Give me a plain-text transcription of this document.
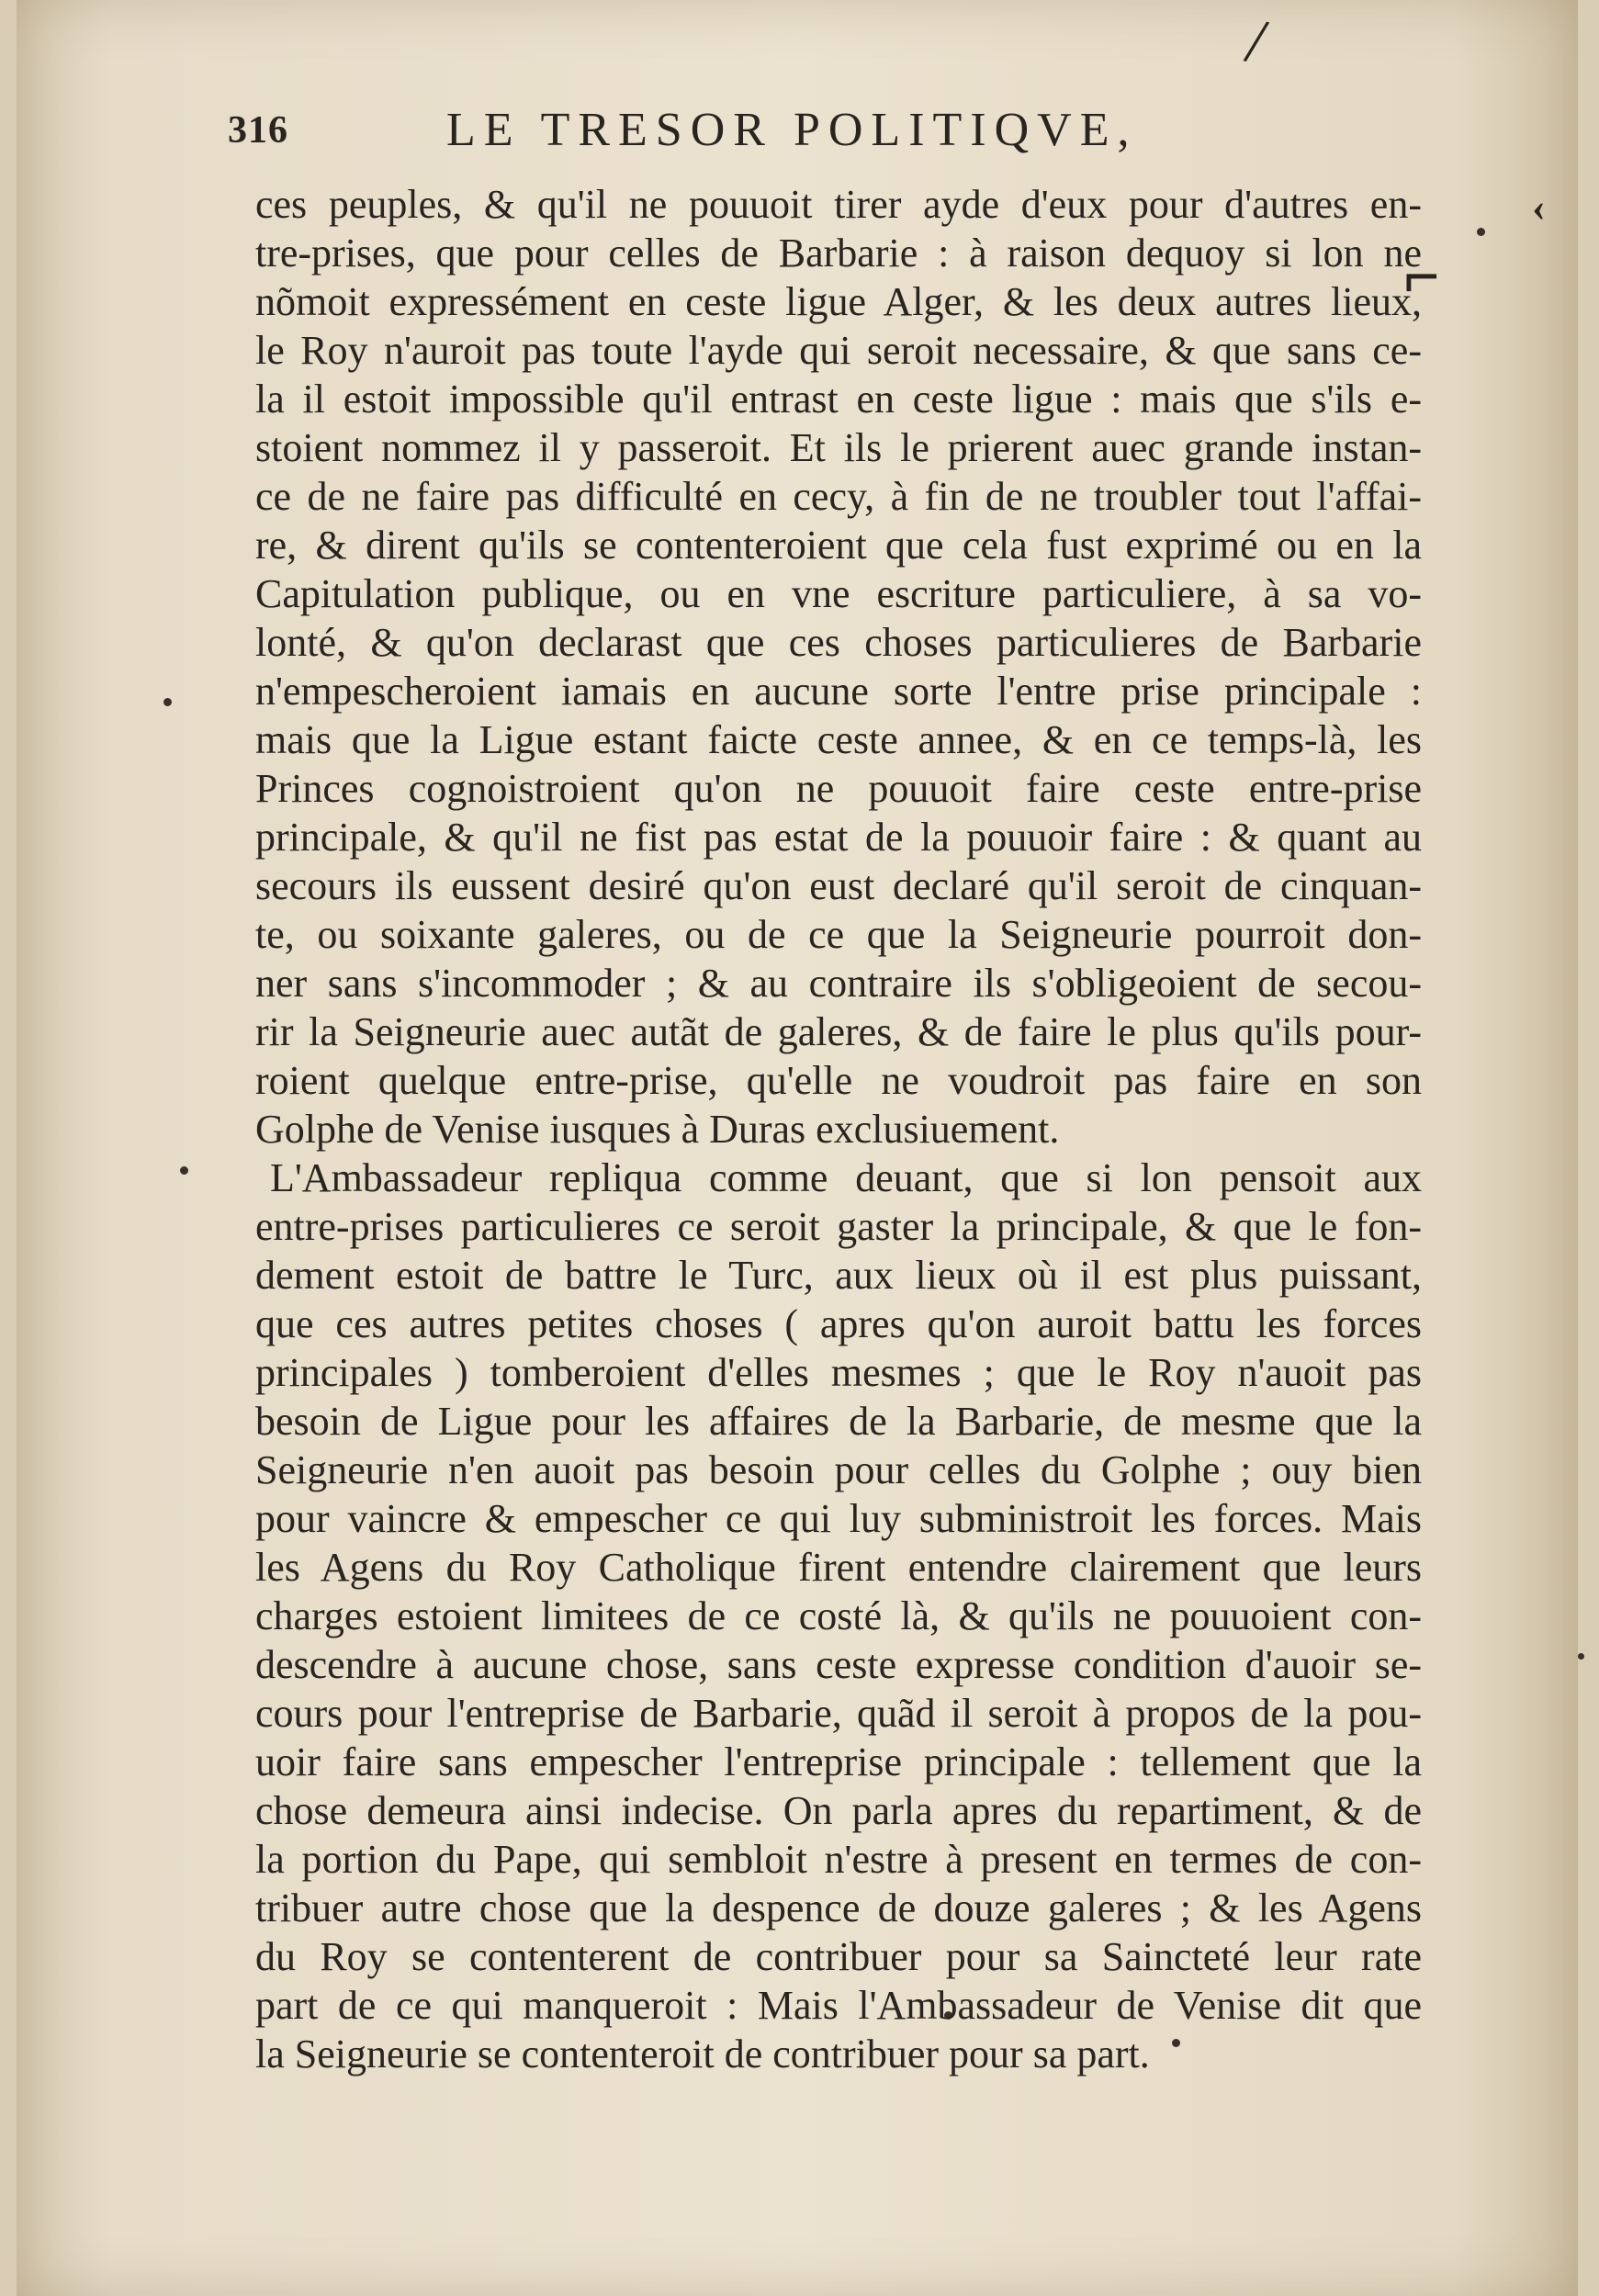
/
⌐
‹
316	LE TRESOR POLITIQVE,
ces peuples, & qu'il ne pouuoit tirer ayde d'eux pour d'autres en-
tre-prises, que pour celles de Barbarie : à raison dequoy si lon ne
nõmoit expressément en ceste ligue Alger, & les deux autres lieux,
le Roy n'auroit pas toute l'ayde qui seroit necessaire, & que sans ce-
la il estoit impossible qu'il entrast en ceste ligue : mais que s'ils e-
stoient nommez il y passeroit. Et ils le prierent auec grande instan-
ce de ne faire pas difficulté en cecy, à fin de ne troubler tout l'affai-
re, & dirent qu'ils se contenteroient que cela fust exprimé ou en la
Capitulation publique, ou en vne escriture particuliere, à sa vo-
lonté, & qu'on declarast que ces choses particulieres de Barbarie
n'empescheroient iamais en aucune sorte l'entre prise principale :
mais que la Ligue estant faicte ceste annee, & en ce temps-là, les
Princes cognoistroient qu'on ne pouuoit faire ceste entre-prise
principale, & qu'il ne fist pas estat de la pouuoir faire : & quant au
secours ils eussent desiré qu'on eust declaré qu'il seroit de cinquan-
te, ou soixante galeres, ou de ce que la Seigneurie pourroit don-
ner sans s'incommoder ; & au contraire ils s'obligeoient de secou-
rir la Seigneurie auec autãt de galeres, & de faire le plus qu'ils pour-
roient quelque entre-prise, qu'elle ne voudroit pas faire en son
Golphe de Venise iusques à Duras exclusiuement.
L'Ambassadeur repliqua comme deuant, que si lon pensoit aux
entre-prises particulieres ce seroit gaster la principale, & que le fon-
dement estoit de battre le Turc, aux lieux où il est plus puissant,
que ces autres petites choses ( apres qu'on auroit battu les forces
principales ) tomberoient d'elles mesmes ; que le Roy n'auoit pas
besoin de Ligue pour les affaires de la Barbarie, de mesme que la
Seigneurie n'en auoit pas besoin pour celles du Golphe ; ouy bien
pour vaincre & empescher ce qui luy subministroit les forces. Mais
les Agens du Roy Catholique firent entendre clairement que leurs
charges estoient limitees de ce costé là, & qu'ils ne pouuoient con-
descendre à aucune chose, sans ceste expresse condition d'auoir se-
cours pour l'entreprise de Barbarie, quãd il seroit à propos de la pou-
uoir faire sans empescher l'entreprise principale : tellement que la
chose demeura ainsi indecise. On parla apres du repartiment, & de
la portion du Pape, qui sembloit n'estre à present en termes de con-
tribuer autre chose que la despence de douze galeres ; & les Agens
du Roy se contenterent de contribuer pour sa Saincteté leur rate
part de ce qui manqueroit : Mais l'Ambassadeur de Venise dit que
la Seigneurie se contenteroit de contribuer pour sa part.
